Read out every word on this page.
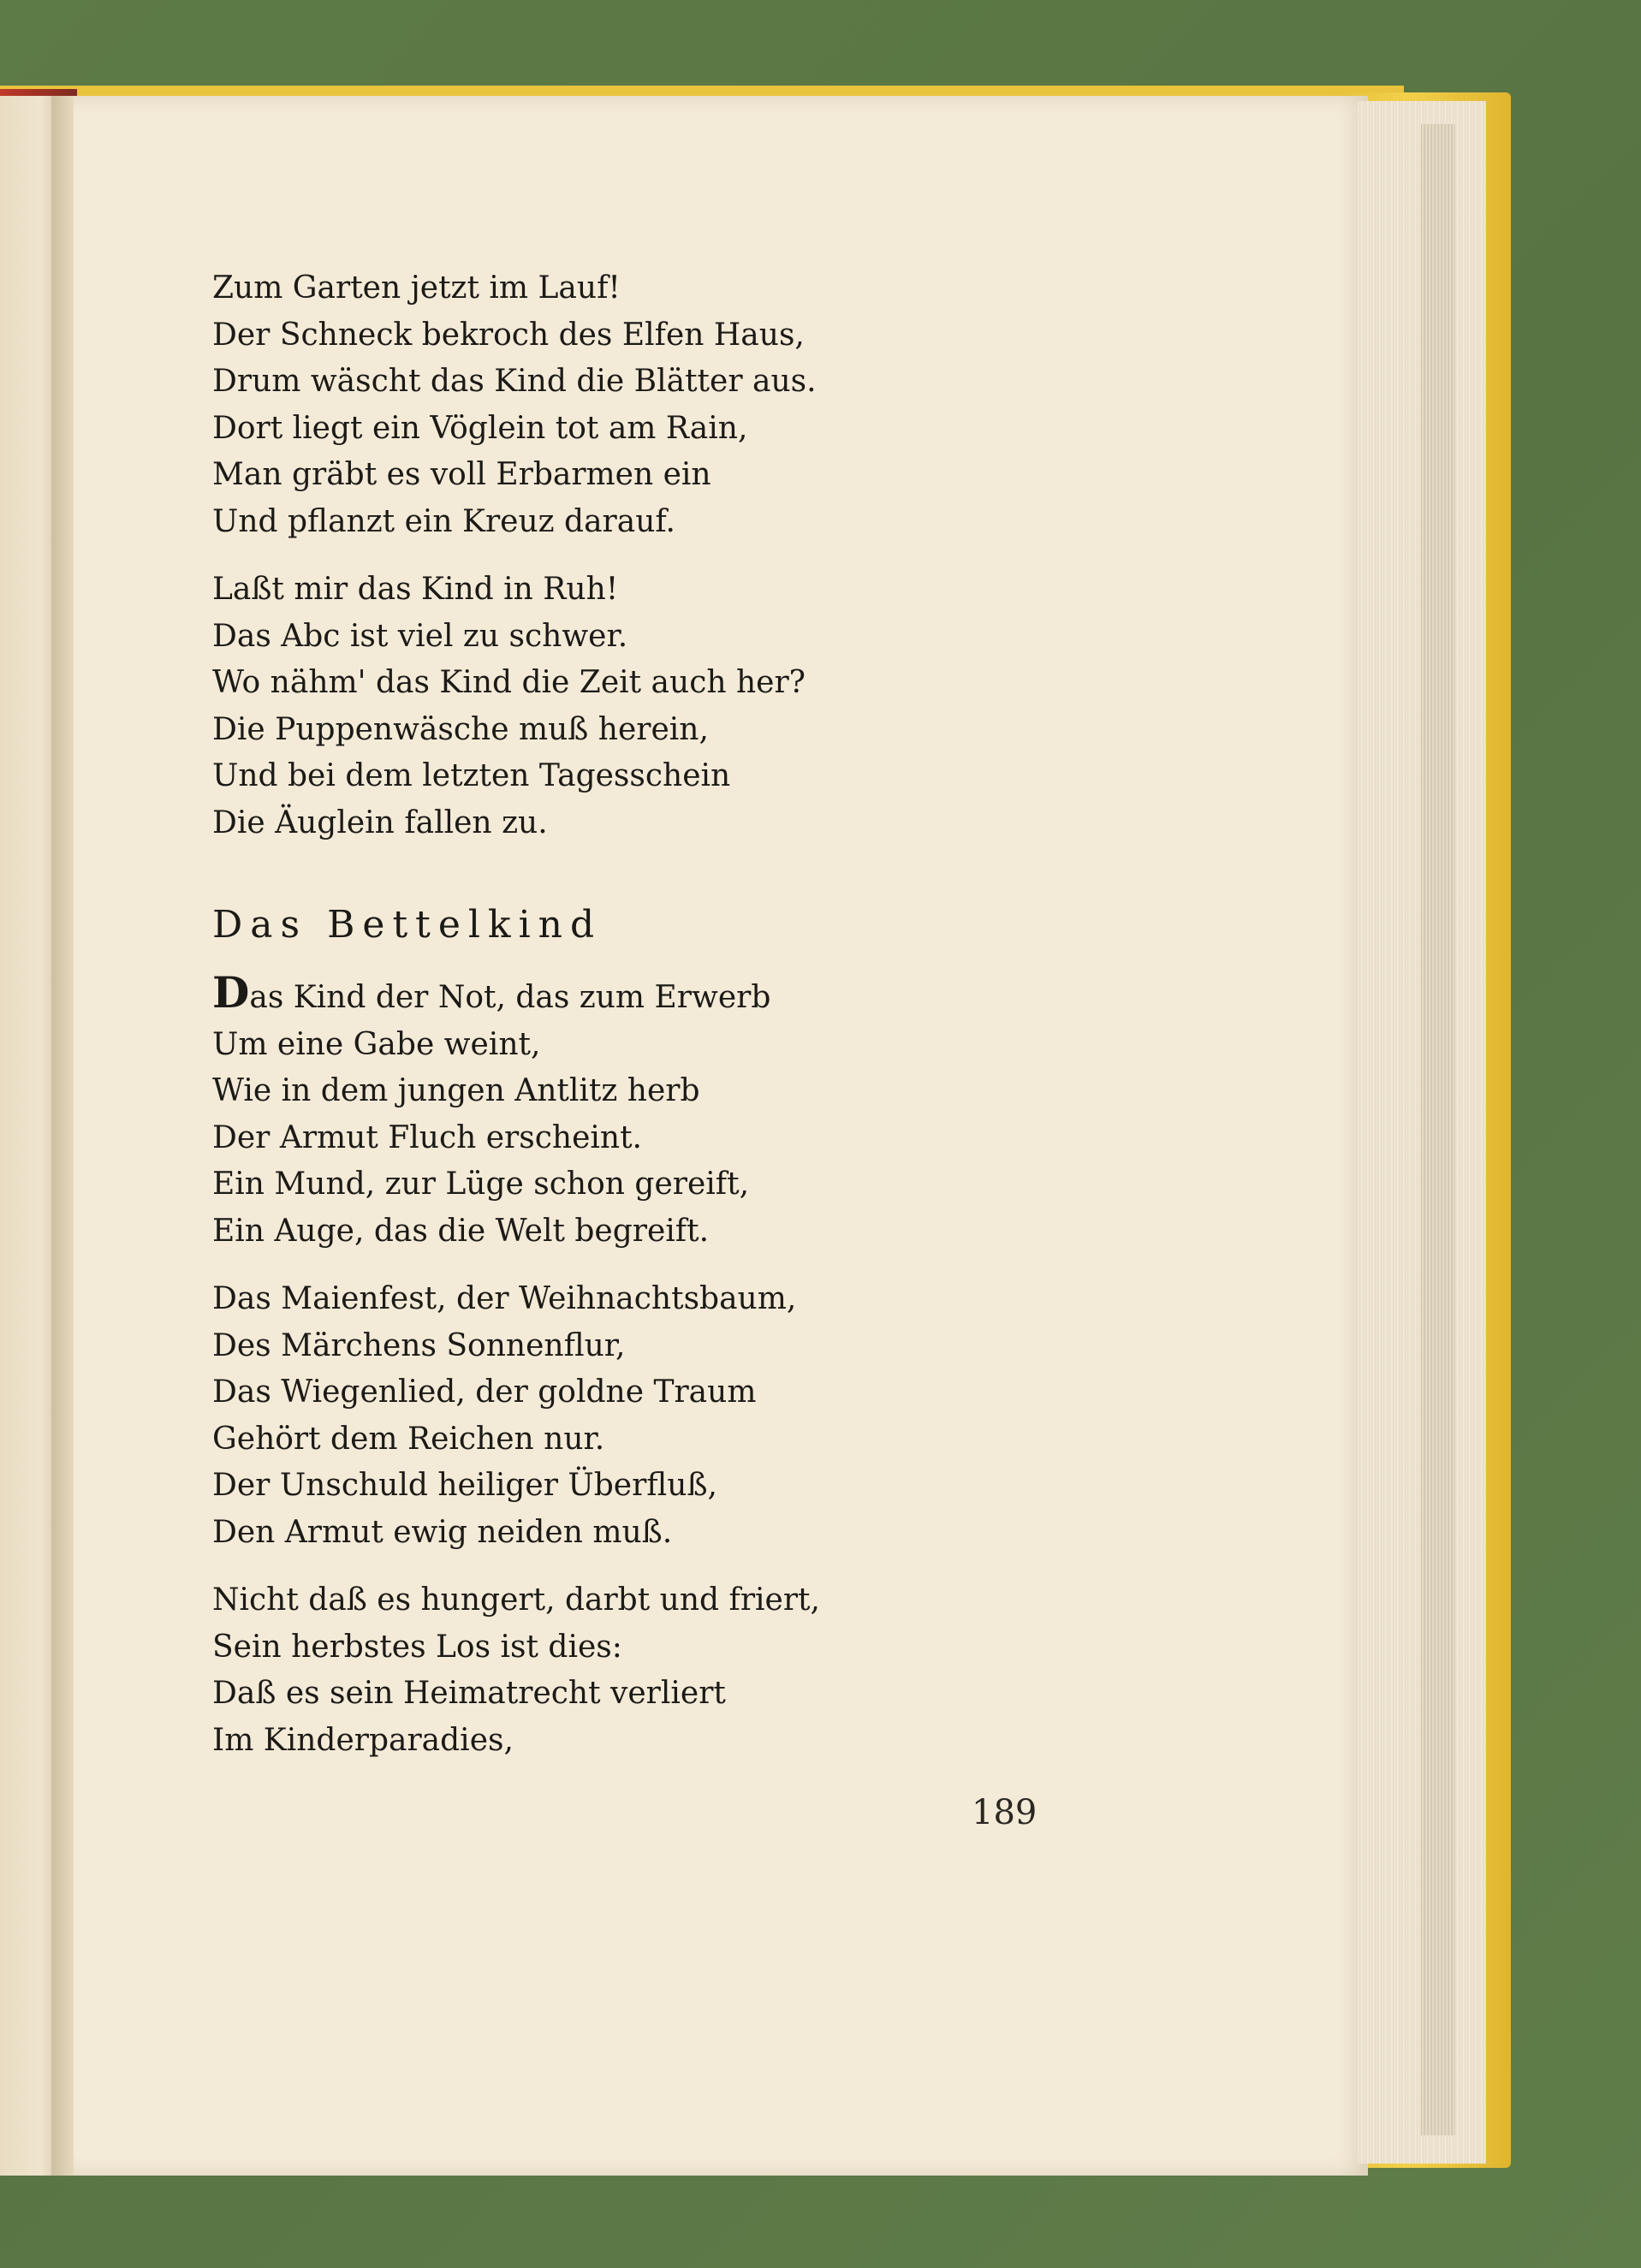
Zum Garten jetzt im Lauf!
Der Schneck bekroch des Elfen Haus,
Drum wäscht das Kind die Blätter aus.
Dort liegt ein Vöglein tot am Rain,
Man gräbt es voll Erbarmen ein
Und pflanzt ein Kreuz darauf.
Laßt mir das Kind in Ruh!
Das Abc ist viel zu schwer.
Wo nähm' das Kind die Zeit auch her?
Die Puppenwäsche muß herein,
Und bei dem letzten Tagesschein
Die Äuglein fallen zu.
Das Bettelkind
Das Kind der Not, das zum Erwerb
Um eine Gabe weint,
Wie in dem jungen Antlitz herb
Der Armut Fluch erscheint.
Ein Mund, zur Lüge schon gereift,
Ein Auge, das die Welt begreift.
Das Maienfest, der Weihnachtsbaum,
Des Märchens Sonnenflur,
Das Wiegenlied, der goldne Traum
Gehört dem Reichen nur.
Der Unschuld heiliger Überfluß,
Den Armut ewig neiden muß.
Nicht daß es hungert, darbt und friert,
Sein herbstes Los ist dies:
Daß es sein Heimatrecht verliert
Im Kinderparadies,
189
